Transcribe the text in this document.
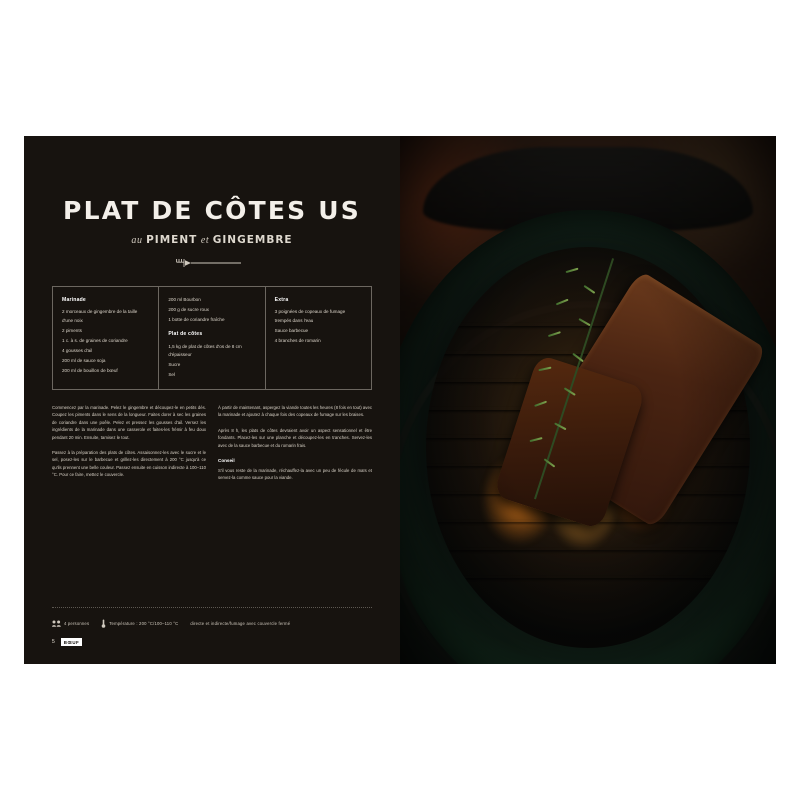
PLAT DE CÔTES US
au PIMENT et GINGEMBRE
Marinade
2 morceaux de gingembre de la taille d'une noix
2 piments
1 c. à s. de graines de coriandre
4 gousses d'ail
200 ml de sauce soja
200 ml de bouillon de bœuf
200 ml Bourbon
200 g de sucre roux
1 botte de coriandre fraîche
Plat de côtes
1,5 kg de plat de côtes d'os de 8 cm d'épaisseur
Sucre
Sel
Extra
3 poignées de copeaux de fumage trempés dans l'eau
Sauce barbecue
4 branches de romarin

Commencez par la marinade. Pelez le gingembre et découpez-le en petits dés. Coupez les piments dans le sens de la longueur. Faites dorer à sec les graines de coriandre dans une poêle. Pelez et pressez les gousses d'ail. Versez les ingrédients de la marinade dans une casserole et faites-les frémir à feu doux pendant 20 min. Ensuite, tamisez le tout.

Passez à la préparation des plats de côtes. Assaisonnez-les avec le sucre et le sel, posez-les sur le barbecue et grillez-les directement à 200 °C jusqu'à ce qu'ils prennent une belle couleur. Passez ensuite en cuisson indirecte à 100–110 °C. Pour ce faire, mettez le couvercle.

À partir de maintenant, aspergez la viande toutes les heures (8 fois en tout) avec la marinade et ajoutez à chaque fois des copeaux de fumage sur les braises.

Après 8 h, les plats de côtes devraient avoir un aspect sensationnel et être fondants. Placez-les sur une planche et découpez-les en tranches. Servez-les avec de la sauce barbecue et du romarin frais.

Conseil

S'il vous reste de la marinade, réchauffez-la avec un peu de fécule de maïs et servez-la comme sauce pour la viande.

4 personnes	Température : 200 °C/100–110 °C	directe et indirecte/fumage avec couvercle fermé
5	BŒUF
